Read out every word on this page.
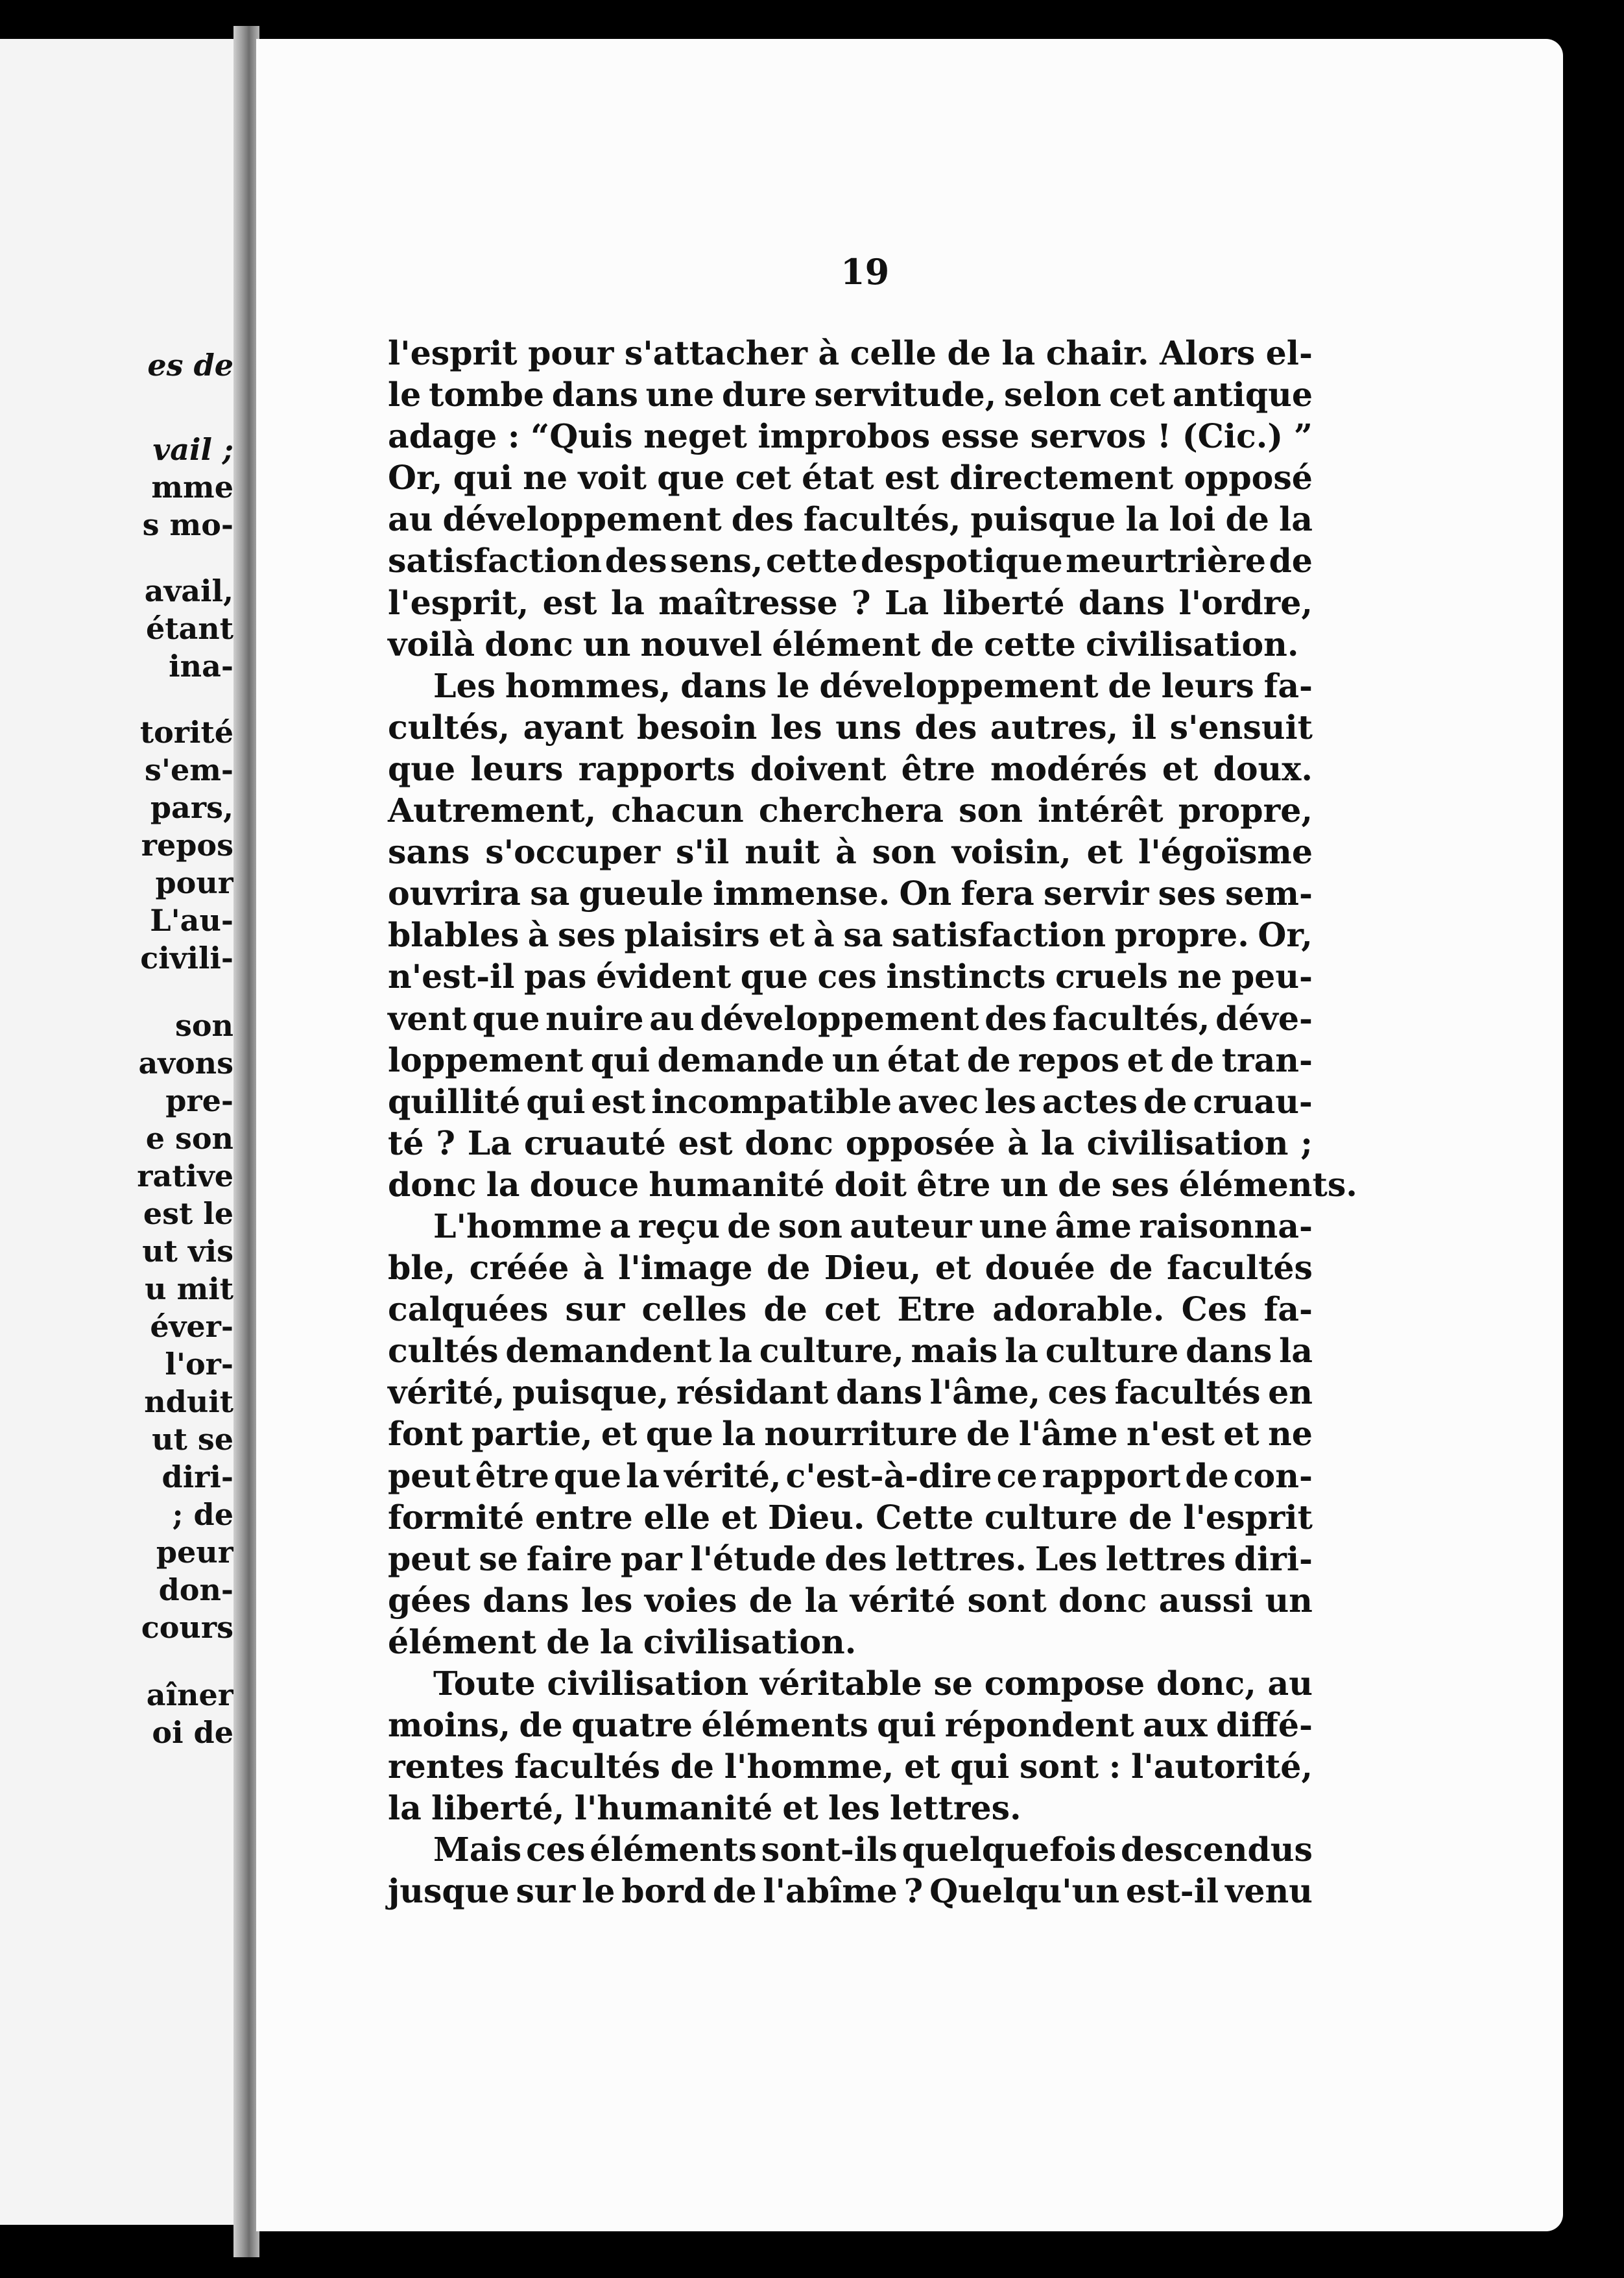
es de
vail ;
mme
s mo-
avail,
étant
ina-
torité
s'em-
pars,
repos
pour
L'au-
civili-
son
avons
pre-
e son
rative
est le
ut vis
u mit
éver-
l'or-
nduit
ut se
diri-
; de
peur
don-
cours
aîner
oi de
19
l'esprit pour s'attacher à celle de la chair. Alors el-
le tombe dans une dure servitude, selon cet antique
adage : “Quis neget improbos esse servos ! (Cic.) ”
Or, qui ne voit que cet état est directement opposé
au développement des facultés, puisque la loi de la
satisfaction des sens, cette despotique meurtrière de
l'esprit, est la maîtresse ? La liberté dans l'ordre,
voilà donc un nouvel élément de cette civilisation.
Les hommes, dans le développement de leurs fa-
cultés, ayant besoin les uns des autres, il s'ensuit
que leurs rapports doivent être modérés et doux.
Autrement, chacun cherchera son intérêt propre,
sans s'occuper s'il nuit à son voisin, et l'égoïsme
ouvrira sa gueule immense. On fera servir ses sem-
blables à ses plaisirs et à sa satisfaction propre. Or,
n'est-il pas évident que ces instincts cruels ne peu-
vent que nuire au développement des facultés, déve-
loppement qui demande un état de repos et de tran-
quillité qui est incompatible avec les actes de cruau-
té ? La cruauté est donc opposée à la civilisation ;
donc la douce humanité doit être un de ses éléments.
L'homme a reçu de son auteur une âme raisonna-
ble, créée à l'image de Dieu, et douée de facultés
calquées sur celles de cet Etre adorable. Ces fa-
cultés demandent la culture, mais la culture dans la
vérité, puisque, résidant dans l'âme, ces facultés en
font partie, et que la nourriture de l'âme n'est et ne
peut être que la vérité, c'est-à-dire ce rapport de con-
formité entre elle et Dieu. Cette culture de l'esprit
peut se faire par l'étude des lettres. Les lettres diri-
gées dans les voies de la vérité sont donc aussi un
élément de la civilisation.
Toute civilisation véritable se compose donc, au
moins, de quatre éléments qui répondent aux diffé-
rentes facultés de l'homme, et qui sont : l'autorité,
la liberté, l'humanité et les lettres.
Mais ces éléments sont-ils quelquefois descendus
jusque sur le bord de l'abîme ? Quelqu'un est-il venu
